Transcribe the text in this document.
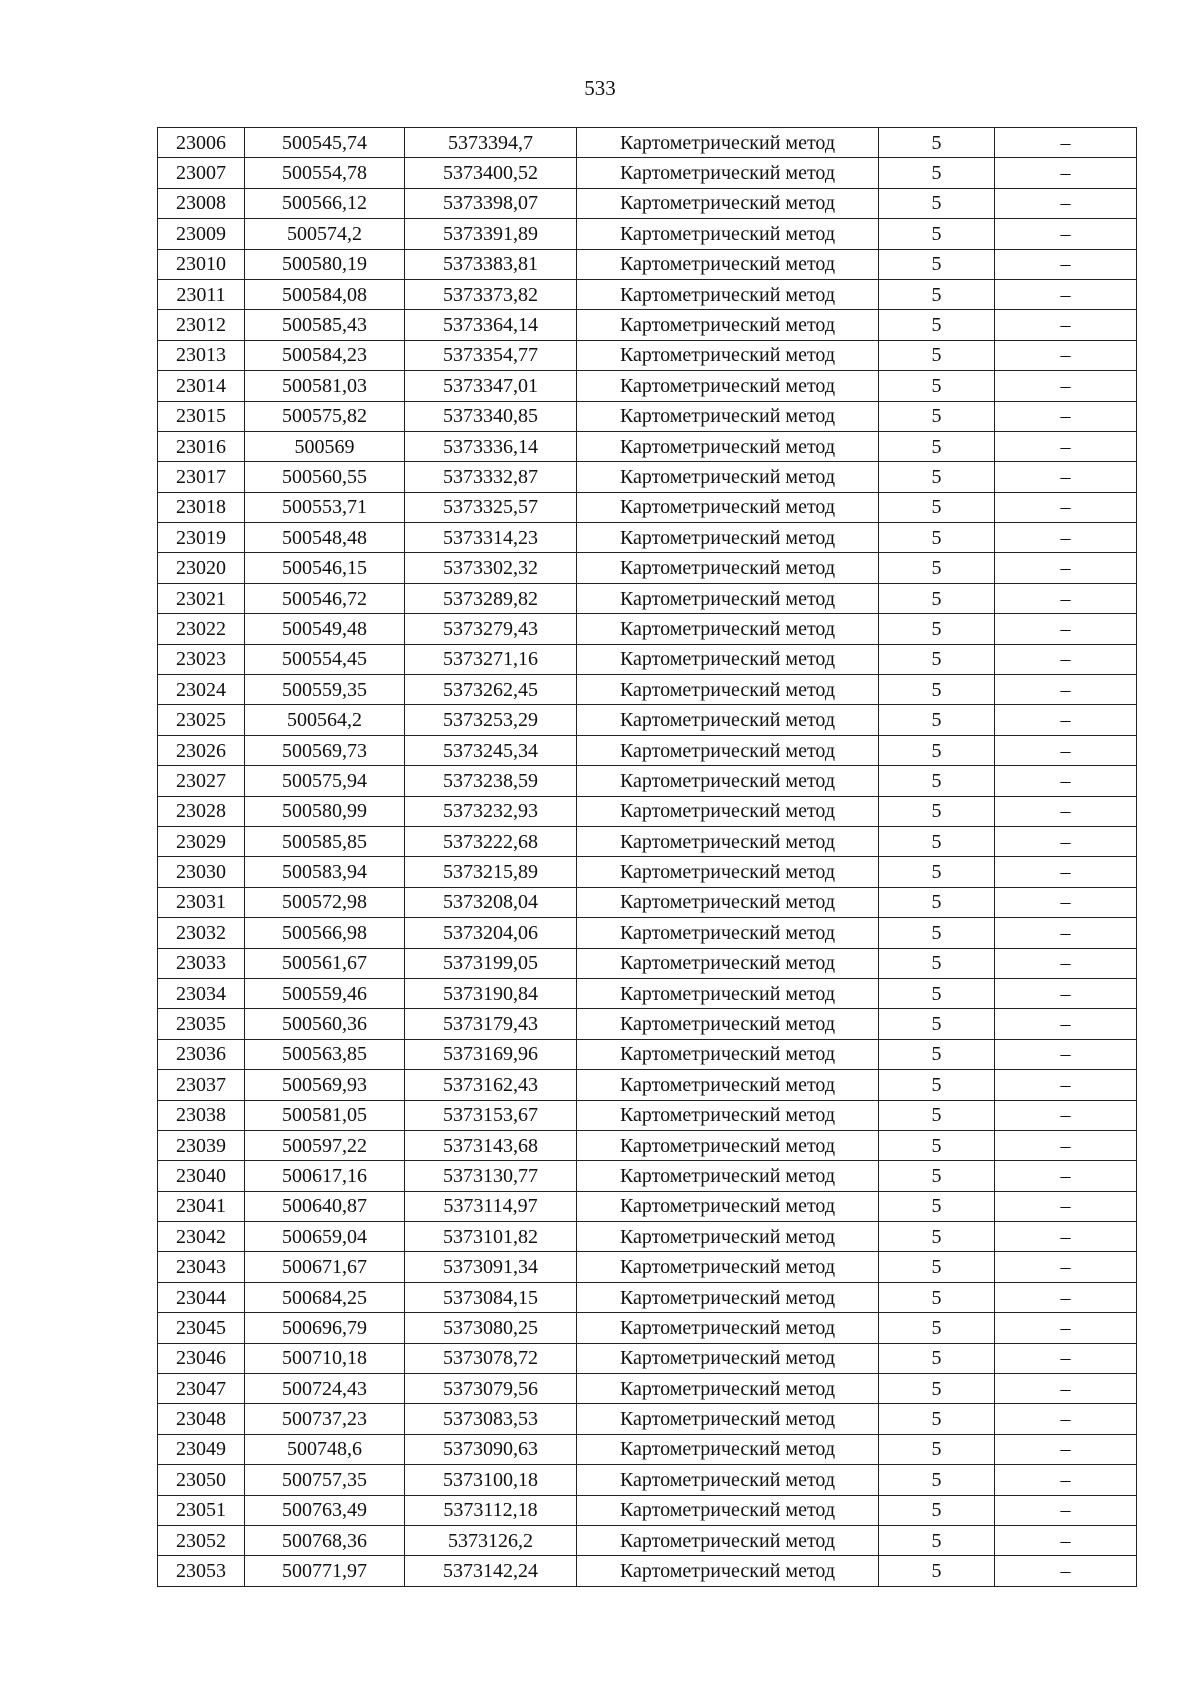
533
23006	500545,74	5373394,7	Картометрический метод	5	–
23007	500554,78	5373400,52	Картометрический метод	5	–
23008	500566,12	5373398,07	Картометрический метод	5	–
23009	500574,2	5373391,89	Картометрический метод	5	–
23010	500580,19	5373383,81	Картометрический метод	5	–
23011	500584,08	5373373,82	Картометрический метод	5	–
23012	500585,43	5373364,14	Картометрический метод	5	–
23013	500584,23	5373354,77	Картометрический метод	5	–
23014	500581,03	5373347,01	Картометрический метод	5	–
23015	500575,82	5373340,85	Картометрический метод	5	–
23016	500569	5373336,14	Картометрический метод	5	–
23017	500560,55	5373332,87	Картометрический метод	5	–
23018	500553,71	5373325,57	Картометрический метод	5	–
23019	500548,48	5373314,23	Картометрический метод	5	–
23020	500546,15	5373302,32	Картометрический метод	5	–
23021	500546,72	5373289,82	Картометрический метод	5	–
23022	500549,48	5373279,43	Картометрический метод	5	–
23023	500554,45	5373271,16	Картометрический метод	5	–
23024	500559,35	5373262,45	Картометрический метод	5	–
23025	500564,2	5373253,29	Картометрический метод	5	–
23026	500569,73	5373245,34	Картометрический метод	5	–
23027	500575,94	5373238,59	Картометрический метод	5	–
23028	500580,99	5373232,93	Картометрический метод	5	–
23029	500585,85	5373222,68	Картометрический метод	5	–
23030	500583,94	5373215,89	Картометрический метод	5	–
23031	500572,98	5373208,04	Картометрический метод	5	–
23032	500566,98	5373204,06	Картометрический метод	5	–
23033	500561,67	5373199,05	Картометрический метод	5	–
23034	500559,46	5373190,84	Картометрический метод	5	–
23035	500560,36	5373179,43	Картометрический метод	5	–
23036	500563,85	5373169,96	Картометрический метод	5	–
23037	500569,93	5373162,43	Картометрический метод	5	–
23038	500581,05	5373153,67	Картометрический метод	5	–
23039	500597,22	5373143,68	Картометрический метод	5	–
23040	500617,16	5373130,77	Картометрический метод	5	–
23041	500640,87	5373114,97	Картометрический метод	5	–
23042	500659,04	5373101,82	Картометрический метод	5	–
23043	500671,67	5373091,34	Картометрический метод	5	–
23044	500684,25	5373084,15	Картометрический метод	5	–
23045	500696,79	5373080,25	Картометрический метод	5	–
23046	500710,18	5373078,72	Картометрический метод	5	–
23047	500724,43	5373079,56	Картометрический метод	5	–
23048	500737,23	5373083,53	Картометрический метод	5	–
23049	500748,6	5373090,63	Картометрический метод	5	–
23050	500757,35	5373100,18	Картометрический метод	5	–
23051	500763,49	5373112,18	Картометрический метод	5	–
23052	500768,36	5373126,2	Картометрический метод	5	–
23053	500771,97	5373142,24	Картометрический метод	5	–
